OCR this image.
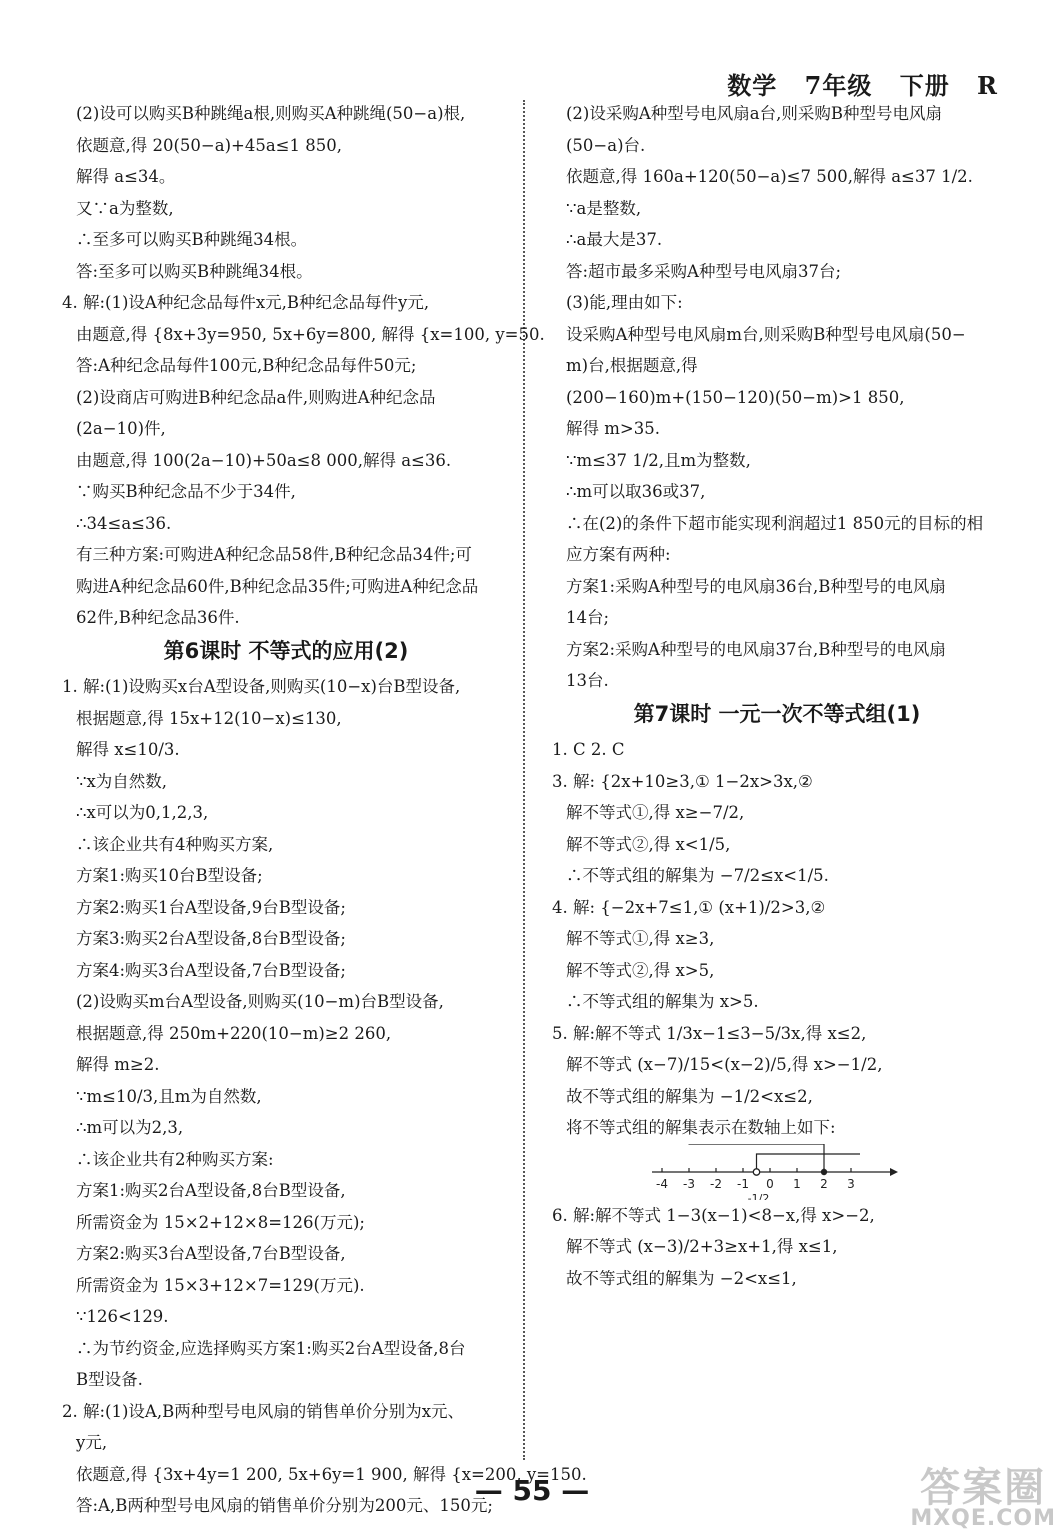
数学 7年级 下册 R
(2)设可以购买B种跳绳a根,则购买A种跳绳(50−a)根,
依题意,得 20(50−a)+45a≤1 850,
解得 a≤34。
又∵a为整数,
∴至多可以购买B种跳绳34根。
答:至多可以购买B种跳绳34根。
4. 解:(1)设A种纪念品每件x元,B种纪念品每件y元,
由题意,得 {8x+3y=950, 5x+6y=800, 解得 {x=100, y=50.
答:A种纪念品每件100元,B种纪念品每件50元;
(2)设商店可购进B种纪念品a件,则购进A种纪念品
(2a−10)件,
由题意,得 100(2a−10)+50a≤8 000,解得 a≤36.
∵购买B种纪念品不少于34件,
∴34≤a≤36.
有三种方案:可购进A种纪念品58件,B种纪念品34件;可
购进A种纪念品60件,B种纪念品35件;可购进A种纪念品
62件,B种纪念品36件.
第6课时 不等式的应用(2)
1. 解:(1)设购买x台A型设备,则购买(10−x)台B型设备,
根据题意,得 15x+12(10−x)≤130,
解得 x≤10/3.
∵x为自然数,
∴x可以为0,1,2,3,
∴该企业共有4种购买方案,
方案1:购买10台B型设备;
方案2:购买1台A型设备,9台B型设备;
方案3:购买2台A型设备,8台B型设备;
方案4:购买3台A型设备,7台B型设备;
(2)设购买m台A型设备,则购买(10−m)台B型设备,
根据题意,得 250m+220(10−m)≥2 260,
解得 m≥2.
∵m≤10/3,且m为自然数,
∴m可以为2,3,
∴该企业共有2种购买方案:
方案1:购买2台A型设备,8台B型设备,
所需资金为 15×2+12×8=126(万元);
方案2:购买3台A型设备,7台B型设备,
所需资金为 15×3+12×7=129(万元).
∵126<129.
∴为节约资金,应选择购买方案1:购买2台A型设备,8台
B型设备.
2. 解:(1)设A,B两种型号电风扇的销售单价分别为x元、
y元,
依题意,得 {3x+4y=1 200, 5x+6y=1 900, 解得 {x=200, y=150.
答:A,B两种型号电风扇的销售单价分别为200元、150元;
(2)设采购A种型号电风扇a台,则采购B种型号电风扇
(50−a)台.
依题意,得 160a+120(50−a)≤7 500,解得 a≤37 1/2.
∵a是整数,
∴a最大是37.
答:超市最多采购A种型号电风扇37台;
(3)能,理由如下:
设采购A种型号电风扇m台,则采购B种型号电风扇(50−
m)台,根据题意,得
(200−160)m+(150−120)(50−m)>1 850,
解得 m>35.
∵m≤37 1/2,且m为整数,
∴m可以取36或37,
∴在(2)的条件下超市能实现利润超过1 850元的目标的相
应方案有两种:
方案1:采购A种型号的电风扇36台,B种型号的电风扇
14台;
方案2:采购A种型号的电风扇37台,B种型号的电风扇
13台.
第7课时 一元一次不等式组(1)
1. C 2. C
3. 解: {2x+10≥3,① 1−2x>3x,②
解不等式①,得 x≥−7/2,
解不等式②,得 x<1/5,
∴不等式组的解集为 −7/2≤x<1/5.
4. 解: {−2x+7≤1,① (x+1)/2>3,②
解不等式①,得 x≥3,
解不等式②,得 x>5,
∴不等式组的解集为 x>5.
5. 解:解不等式 1/3x−1≤3−5/3x,得 x≤2,
解不等式 (x−7)/15<(x−2)/5,得 x>−1/2,
故不等式组的解集为 −1/2<x≤2,
将不等式组的解集表示在数轴上如下:
-4 -3 -2 -1 0 1 2 3
-1/2
6. 解:解不等式 1−3(x−1)<8−x,得 x>−2,
解不等式 (x−3)/2+3≥x+1,得 x≤1,
故不等式组的解集为 −2<x≤1,
— 55 —	答案圈
MXQE.COM
